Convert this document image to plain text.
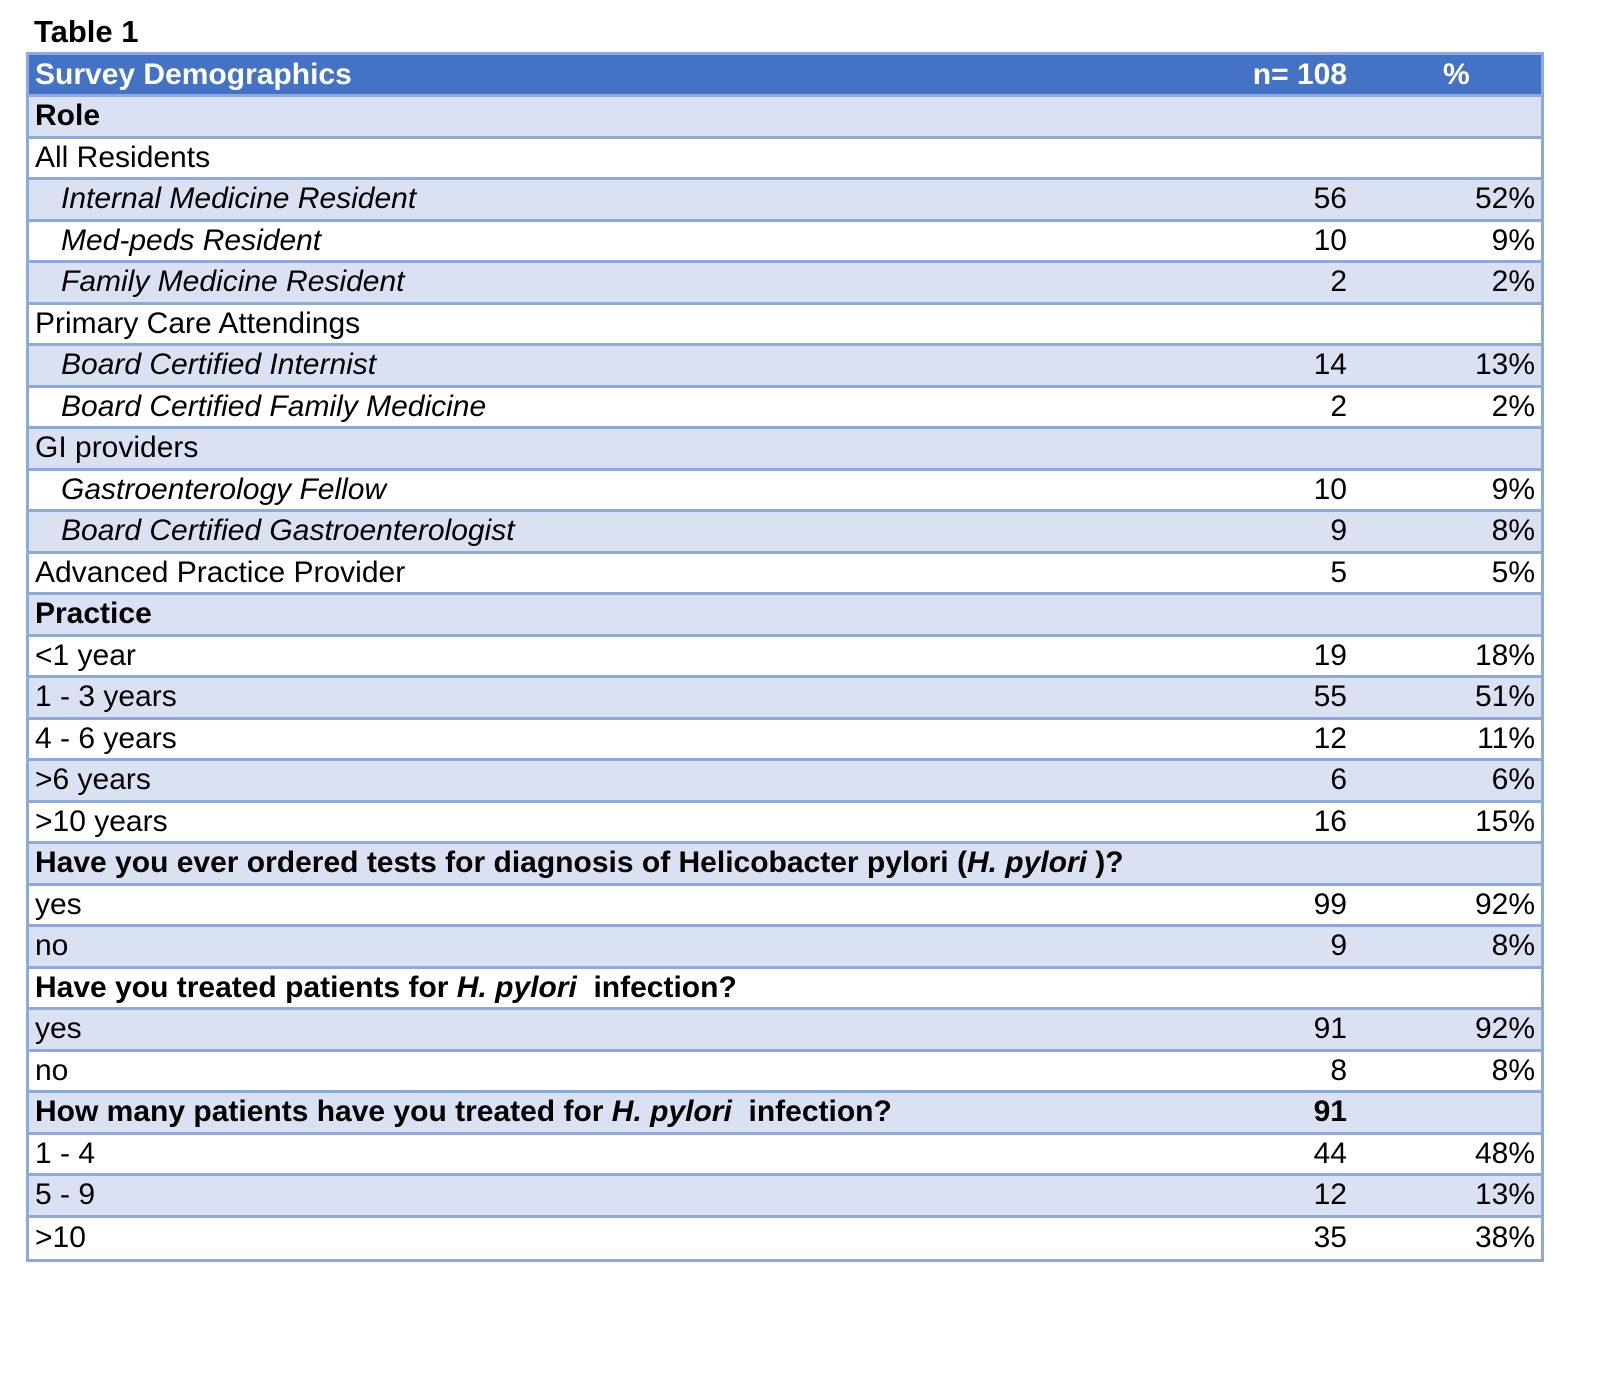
Table 1
Survey Demographics	n= 108	%
Role
All Residents
Internal Medicine Resident	56	52%
Med-peds Resident	10	9%
Family Medicine Resident	2	2%
Primary Care Attendings
Board Certified Internist	14	13%
Board Certified Family Medicine	2	2%
GI providers
Gastroenterology Fellow	10	9%
Board Certified Gastroenterologist	9	8%
Advanced Practice Provider	5	5%
Practice
<1 year	19	18%
1 - 3 years	55	51%
4 - 6 years	12	11%
>6 years	6	6%
>10 years	16	15%
Have you ever ordered tests for diagnosis of Helicobacter pylori (H. pylori )?
yes	99	92%
no	9	8%
Have you treated patients for H. pylori  infection?
yes	91	92%
no	8	8%
How many patients have you treated for H. pylori  infection?	91
1 - 4	44	48%
5 - 9	12	13%
>10	35	38%
